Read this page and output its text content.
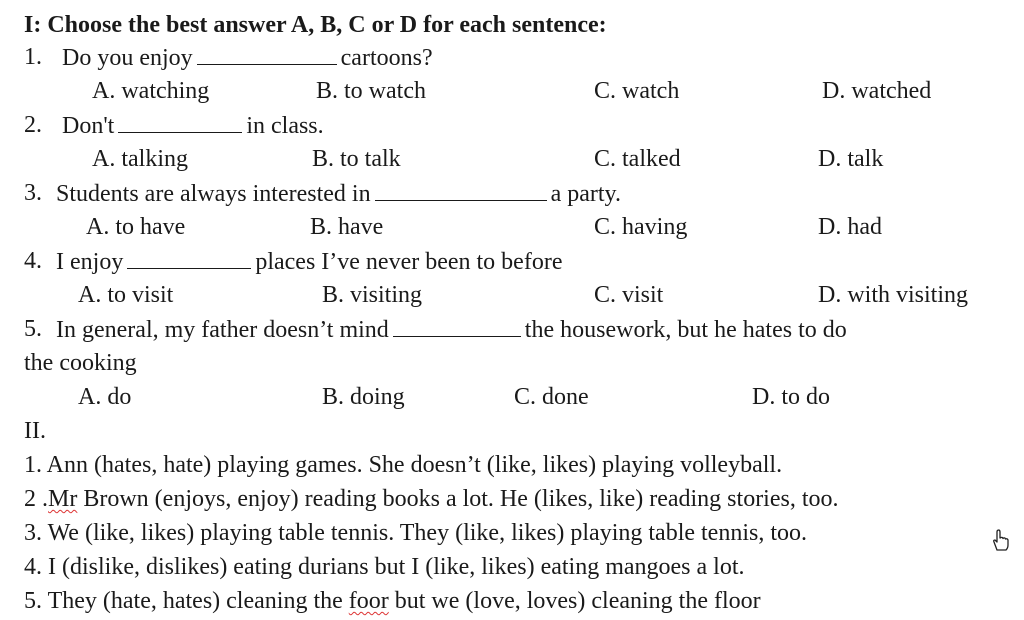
I: Choose the best answer A, B, C or D for each sentence:
1. Do you enjoy	cartoons?
A. watching	B. to watch	C. watch	D. watched
2. Don't	in class.
A. talking	B. to talk	C. talked	D. talk
3. Students are always interested in	a party.
A. to have	B. have	C. having	D. had
4. I enjoy	places I’ve never been to before
A. to visit	B. visiting	C. visit	D. with visiting
5. In general, my father doesn’t mind	the housework, but he hates to do
the cooking
A. do	B. doing	C. done	D. to do
II.
1. Ann (hates, hate) playing games. She doesn’t (like, likes) playing volleyball.
2 .Mr Brown (enjoys, enjoy) reading books a lot. He (likes, like) reading stories, too.
3. We (like, likes) playing table tennis. They (like, likes) playing table tennis, too.
4. I (dislike, dislikes) eating durians but I (like, likes) eating mangoes a lot.
5. They (hate, hates) cleaning the foor but we (love, loves) cleaning the floor
